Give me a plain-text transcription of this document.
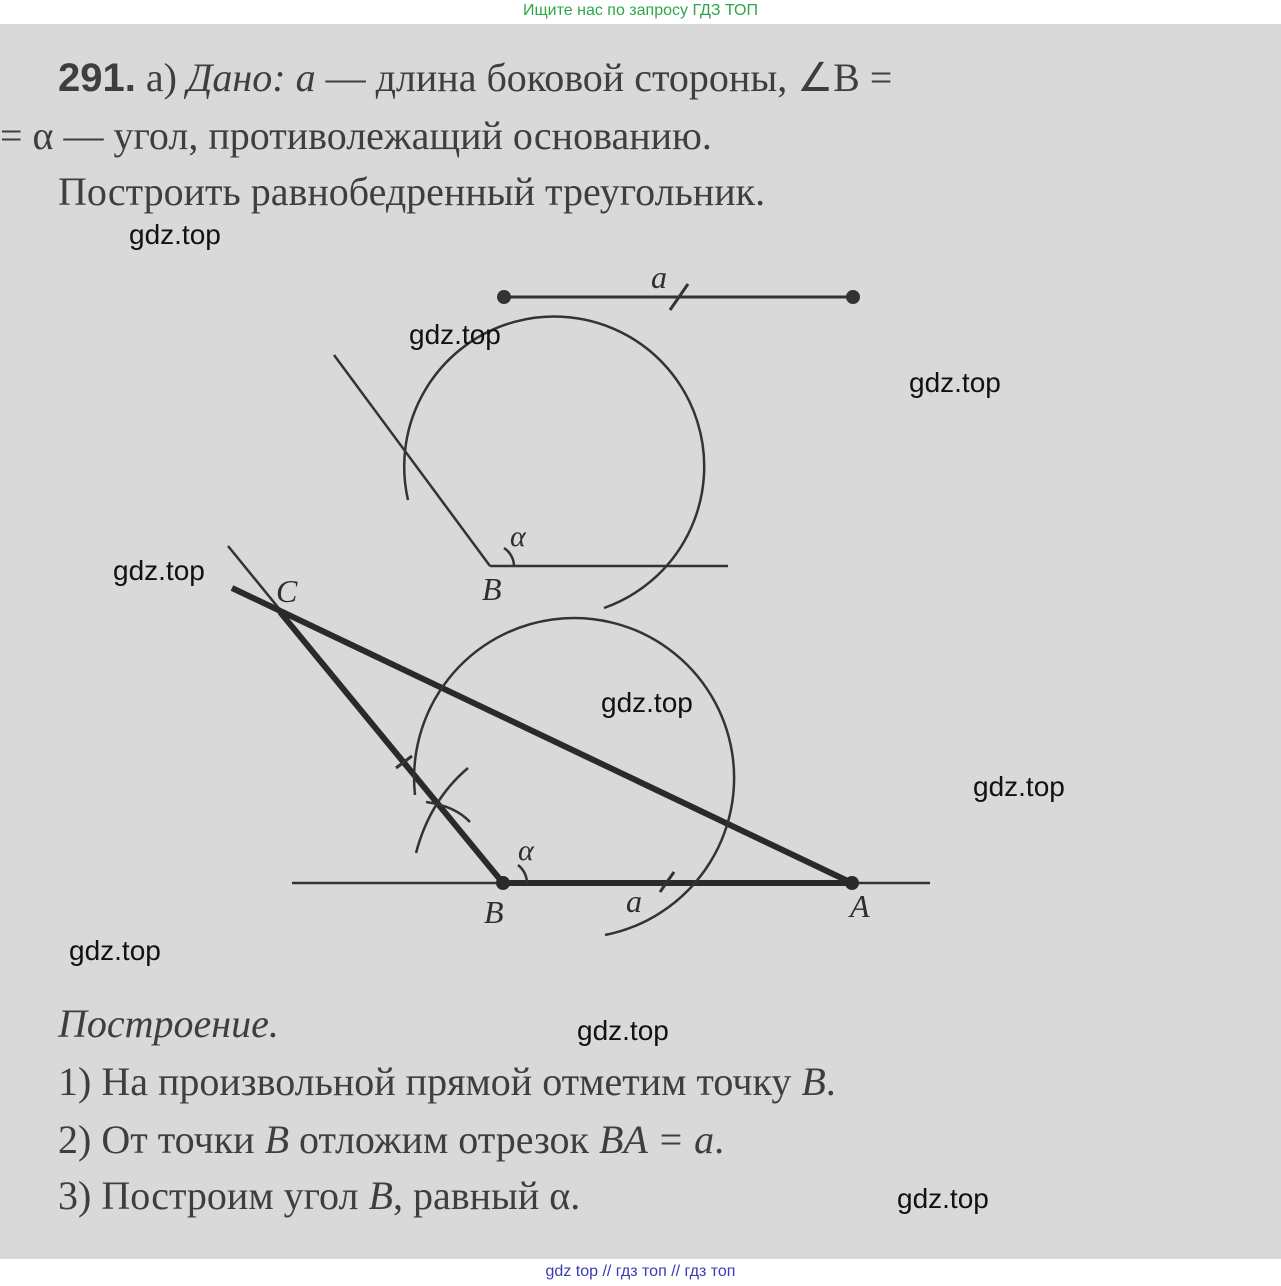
Ищите нас по запросу ГДЗ ТОП
291. а) Дано: a — длина боковой стороны, ∠B =
= α — угол, противолежащий основанию.
Построить равнобедренный треугольник.
a
α
B
C
B	A
α
a
Построение.
1) На произвольной прямой отметим точку B.
2) От точки B отложим отрезок BA = a.
3) Построим угол B, равный α.
gdz.top
gdz.top
gdz.top
gdz.top
gdz.top
gdz.top
gdz.top
gdz.top
gdz.top
gdz top // гдз топ // гдз топ
